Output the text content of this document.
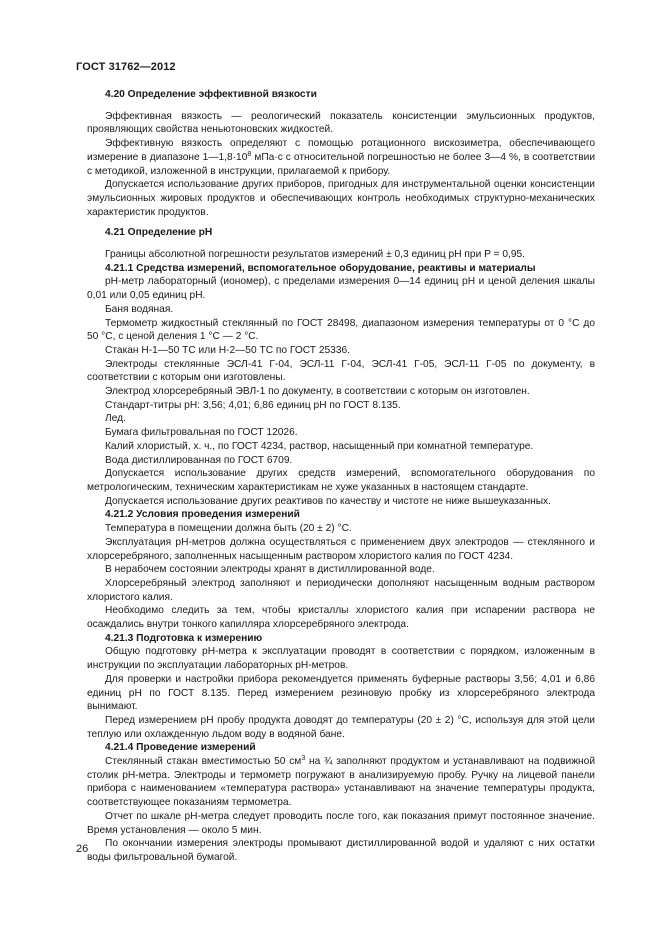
ГОСТ 31762—2012

4.20 Определение эффективной вязкости

Эффективная вязкость — реологический показатель консистенции эмульсионных продуктов, проявляющих свойства неньютоновских жидкостей.

Эффективную вязкость определяют с помощью ротационного вискозиметра, обеспечивающего измерение в диапазоне $1—1,8\cdot 10^8$ мПа·с с относительной погрешностью не более 3—4 %, в соответствии с методикой, изложенной в инструкции, прилагаемой к прибору.

Допускается использование других приборов, пригодных для инструментальной оценки консистенции эмульсионных жировых продуктов и обеспечивающих контроль необходимых структурно-механических характеристик продуктов.

4.21 Определение pH

Границы абсолютной погрешности результатов измерений ± 0,3 единиц pH при P = 0,95.

4.21.1 Средства измерений, вспомогательное оборудование, реактивы и материалы

pH-метр лабораторный (иономер), с пределами измерения 0—14 единиц pH и ценой деления шкалы 0,01 или 0,05 единиц pH.

Баня водяная.

Термометр жидкостный стеклянный по ГОСТ 28498, диапазоном измерения температуры от 0 °C до 50 °C, с ценой деления 1 °C — 2 °C.

Стакан Н-1—50 ТС или Н-2—50 ТС по ГОСТ 25336.

Электроды стеклянные ЭСЛ-41 Г-04, ЭСЛ-11 Г-04, ЭСЛ-41 Г-05, ЭСЛ-11 Г-05 по документу, в соответствии с которым они изготовлены.

Электрод хлорсеребряный ЭВЛ-1 по документу, в соответствии с которым он изготовлен.

Стандарт-титры pH: 3,56; 4,01; 6,86 единиц pH по ГОСТ 8.135.

Лед.

Бумага фильтровальная по ГОСТ 12026.

Калий хлористый, х. ч., по ГОСТ 4234, раствор, насыщенный при комнатной температуре.

Вода дистиллированная по ГОСТ 6709.

Допускается использование других средств измерений, вспомогательного оборудования по метрологическим, техническим характеристикам не хуже указанных в настоящем стандарте.

Допускается использование других реактивов по качеству и чистоте не ниже вышеуказанных.

4.21.2 Условия проведения измерений

Температура в помещении должна быть (20 ± 2) °C.

Эксплуатация pH-метров должна осуществляться с применением двух электродов — стеклянного и хлорсеребряного, заполненных насыщенным раствором хлористого калия по ГОСТ 4234.

В нерабочем состоянии электроды хранят в дистиллированной воде.

Хлорсеребряный электрод заполняют и периодически дополняют насыщенным водным раствором хлористого калия.

Необходимо следить за тем, чтобы кристаллы хлористого калия при испарении раствора не осаждались внутри тонкого капилляра хлорсеребряного электрода.

4.21.3 Подготовка к измерению

Общую подготовку pH-метра к эксплуатации проводят в соответствии с порядком, изложенным в инструкции по эксплуатации лабораторных pH-метров.

Для проверки и настройки прибора рекомендуется применять буферные растворы 3,56; 4,01 и 6,86 единиц pH по ГОСТ 8.135. Перед измерением резиновую пробку из хлорсеребряного электрода вынимают.

Перед измерением pH пробу продукта доводят до температуры (20 ± 2) °C, используя для этой цели теплую или охлажденную льдом воду в водяной бане.

4.21.4 Проведение измерений

Стеклянный стакан вместимостью 50 $см^3$ на ¾ заполняют продуктом и устанавливают на подвижной столик pH-метра. Электроды и термометр погружают в анализируемую пробу. Ручку на лицевой панели прибора с наименованием «температура раствора» устанавливают на значение температуры продукта, соответствующее показаниям термометра.

Отчет по шкале pH-метра следует проводить после того, как показания примут постоянное значение. Время установления — около 5 мин.

По окончании измерения электроды промывают дистиллированной водой и удаляют с них остатки воды фильтровальной бумагой.

26
